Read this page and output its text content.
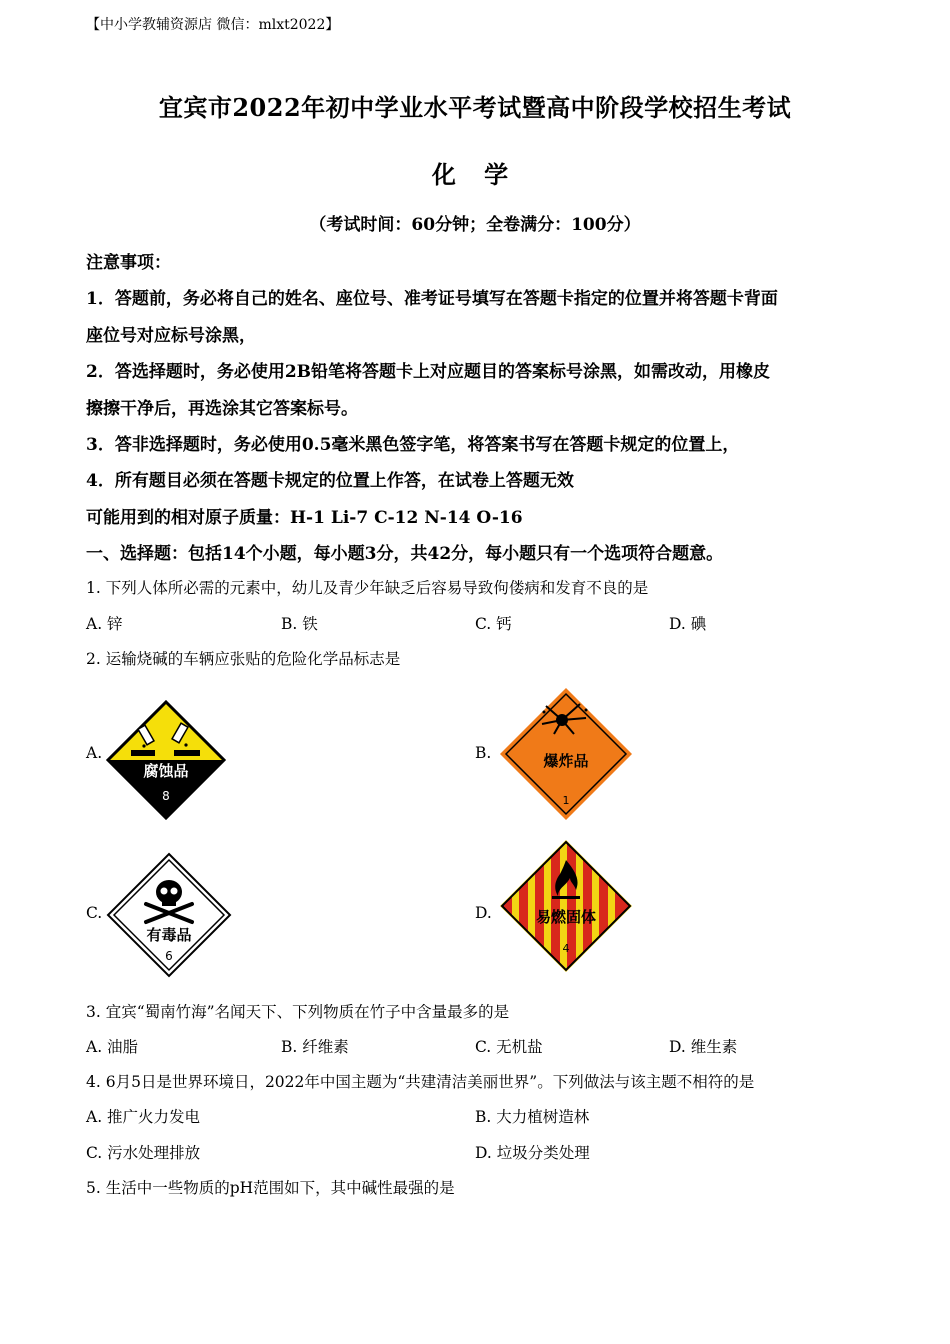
【中小学教辅资源店 微信：mlxt2022】
宜宾市2022年初中学业水平考试暨高中阶段学校招生考试
化 学
（考试时间：60分钟；全卷满分：100分）
注意事项：
1．答题前，务必将自己的姓名、座位号、准考证号填写在答题卡指定的位置并将答题卡背面
座位号对应标号涂黑，
2．答选择题时，务必使用2B铅笔将答题卡上对应题目的答案标号涂黑，如需改动，用橡皮
擦擦干净后，再选涂其它答案标号。
3．答非选择题时，务必使用0.5毫米黑色签字笔，将答案书写在答题卡规定的位置上，
4．所有题目必须在答题卡规定的位置上作答，在试卷上答题无效
可能用到的相对原子质量：H-1 Li-7 C-12 N-14 O-16
一、选择题：包括14个小题，每小题3分，共42分，每小题只有一个选项符合题意。
1. 下列人体所必需的元素中，幼儿及青少年缺乏后容易导致佝偻病和发育不良的是
A. 锌	B. 铁	C. 钙	D. 碘
2. 运输烧碱的车辆应张贴的危险化学品标志是
A.
腐蚀品
8
B.	爆炸品
1
C.
有毒品
6
D.	易燃固体
4
3. 宜宾“蜀南竹海”名闻天下、下列物质在竹子中含量最多的是
A. 油脂	B. 纤维素	C. 无机盐	D. 维生素
4. 6月5日是世界环境日，2022年中国主题为“共建清洁美丽世界”。下列做法与该主题不相符的是
A. 推广火力发电	B. 大力植树造林
C. 污水处理排放	D. 垃圾分类处理
5. 生活中一些物质的pH范围如下，其中碱性最强的是
